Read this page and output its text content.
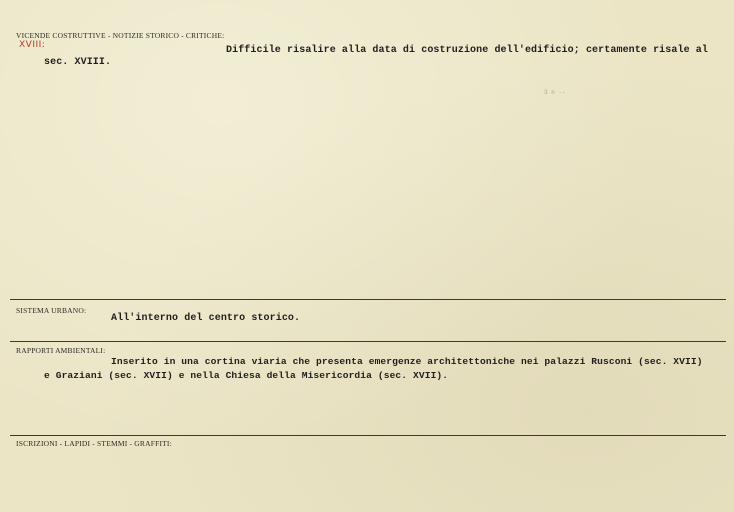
VICENDE COSTRUTTIVE - NOTIZIE STORICO - CRITICHE:
XVIII:	Difficile risalire alla data di costruzione dell'edificio; certamente risale al
sec. XVIII.
3 n --
SISTEMA URBANO:
All'interno del centro storico.
RAPPORTI AMBIENTALI:
Inserito in una cortina viaria che presenta emergenze architettoniche nei palazzi Rusconi (sec. XVII)
e Graziani (sec. XVII) e nella Chiesa della Misericordia (sec. XVII).
ISCRIZIONI - LAPIDI - STEMMI - GRAFFITI:
